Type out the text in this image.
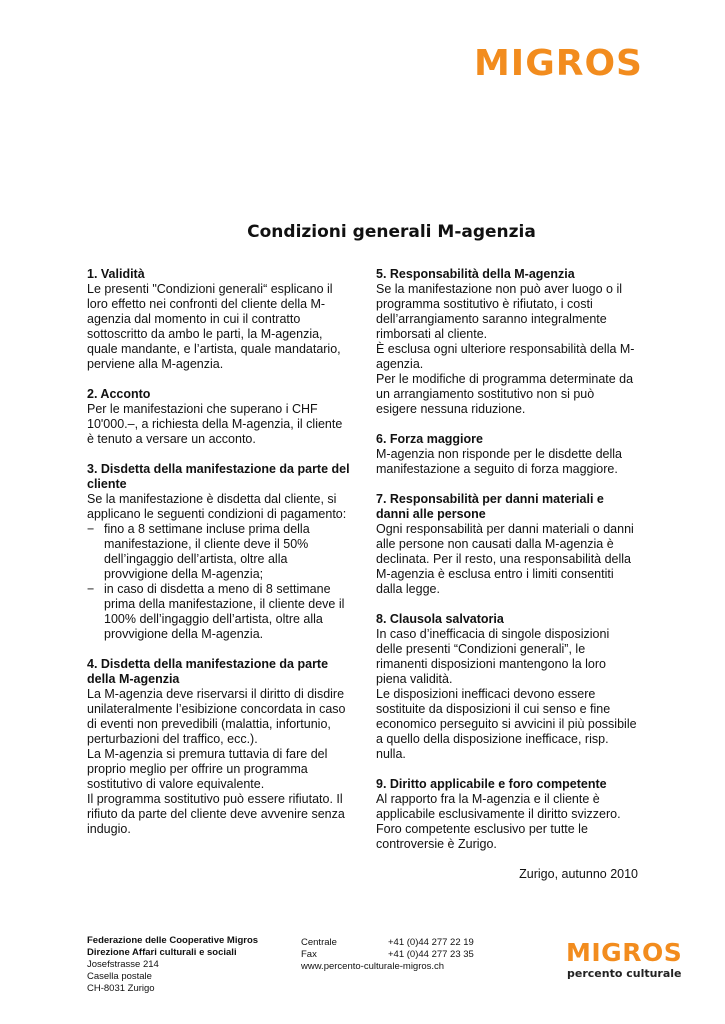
MIGROS
Condizioni generali M-agenzia
1. Validità

Le presenti "Condizioni generali“ esplicano il loro effetto nei confronti del cliente della M-agenzia dal momento in cui il contratto sottoscritto da ambo le parti, la M-agenzia, quale mandante, e l’artista, quale mandatario, perviene alla M-agenzia.

2. Acconto

Per le manifestazioni che superano i CHF 10'000.–, a richiesta della M-agenzia, il cliente è tenuto a versare un acconto.

3. Disdetta della manifestazione da parte del cliente

Se la manifestazione è disdetta dal cliente, si applicano le seguenti condizioni di pagamento:

− fino a 8 settimane incluse prima della manifestazione, il cliente deve il 50% dell’ingaggio dell’artista, oltre alla provvigione della M-agenzia;
− in caso di disdetta a meno di 8 settimane prima della manifestazione, il cliente deve il 100% dell’ingaggio dell’artista, oltre alla provvigione della M-agenzia.
4. Disdetta della manifestazione da parte della M-agenzia

La M-agenzia deve riservarsi il diritto di disdire unilateralmente l’esibizione concordata in caso di eventi non prevedibili (malattia, infortunio, perturbazioni del traffico, ecc.).

La M-agenzia si premura tuttavia di fare del proprio meglio per offrire un programma sostitutivo di valore equivalente.

Il programma sostitutivo può essere rifiutato. Il rifiuto da parte del cliente deve avvenire senza indugio.

5. Responsabilità della M-agenzia

Se la manifestazione non può aver luogo o il programma sostitutivo è rifiutato, i costi dell’arrangiamento saranno integralmente rimborsati al cliente.

È esclusa ogni ulteriore responsabilità della M-agenzia.

Per le modifiche di programma determinate da un arrangiamento sostitutivo non si può esigere nessuna riduzione.

6. Forza maggiore

M-agenzia non risponde per le disdette della manifestazione a seguito di forza maggiore.

7. Responsabilità per danni materiali e danni alle persone

Ogni responsabilità per danni materiali o danni alle persone non causati dalla M-agenzia è declinata. Per il resto, una responsabilità della M-agenzia è esclusa entro i limiti consentiti dalla legge.

8. Clausola salvatoria

In caso d’inefficacia di singole disposizioni delle presenti “Condizioni generali”, le rimanenti disposizioni mantengono la loro piena validità.

Le disposizioni inefficaci devono essere sostituite da disposizioni il cui senso e fine economico perseguito si avvicini il più possibile a quello della disposizione inefficace, risp. nulla.

9. Diritto applicabile e foro competente

Al rapporto fra la M-agenzia e il cliente è applicabile esclusivamente il diritto svizzero.

Foro competente esclusivo per tutte le controversie è Zurigo.

Zurigo, autunno 2010
Federazione delle Cooperative Migros
Direzione Affari culturali e sociali
Josefstrasse 214
Casella postale
CH-8031 Zurigo
Centrale	+41 (0)44 277 22 19
Fax	+41 (0)44 277 23 35
www.percento-culturale-migros.ch	MIGROS
percento culturale
